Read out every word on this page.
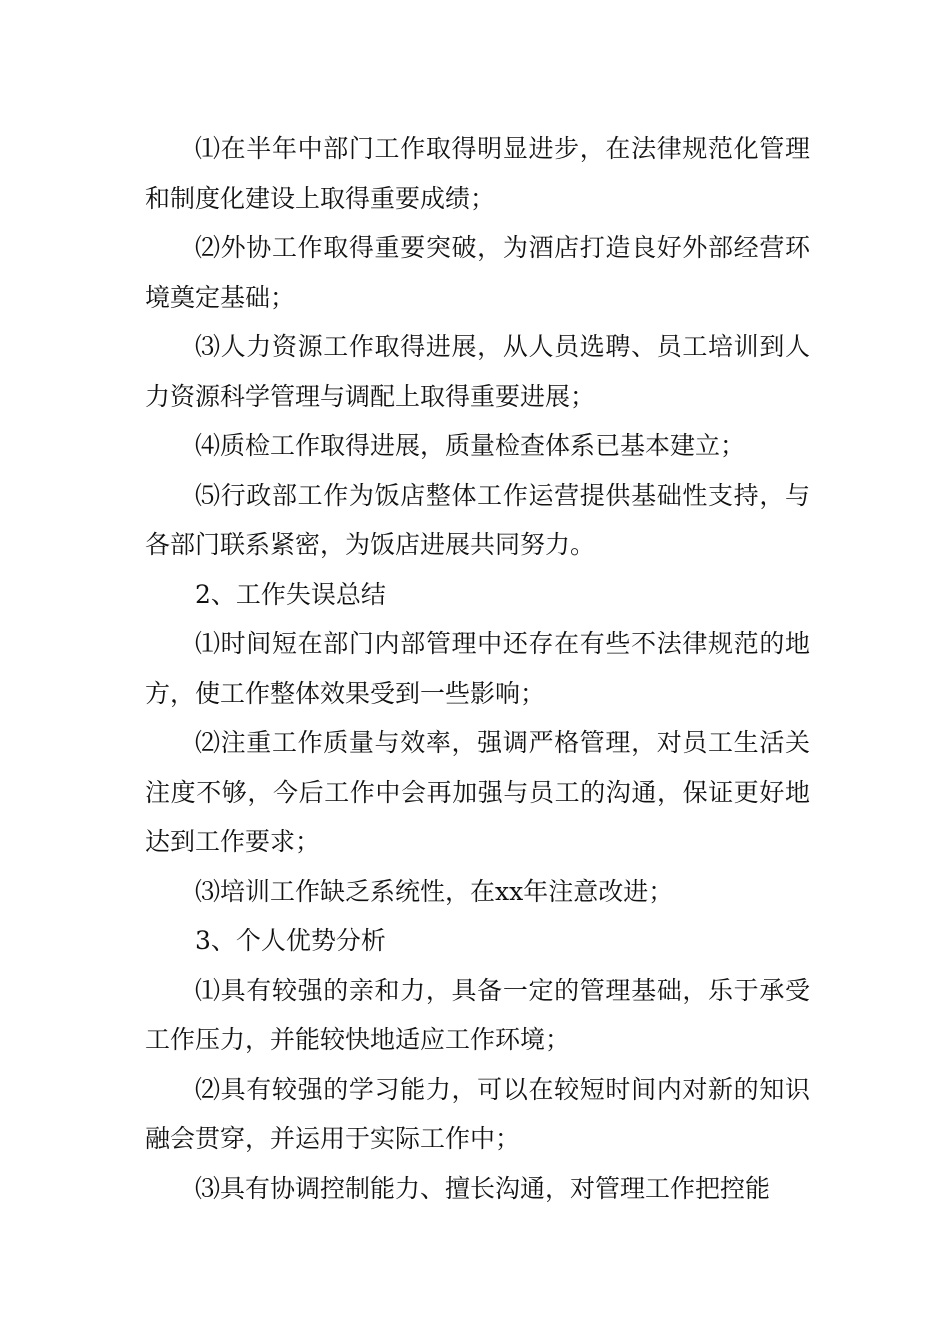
⑴在半年中部门工作取得明显进步，在法律规范化管理和制度化建设上取得重要成绩；

⑵外协工作取得重要突破，为酒店打造良好外部经营环境奠定基础；

⑶人力资源工作取得进展，从人员选聘、员工培训到人力资源科学管理与调配上取得重要进展；

⑷质检工作取得进展，质量检查体系已基本建立；

⑸行政部工作为饭店整体工作运营提供基础性支持，与各部门联系紧密，为饭店进展共同努力。

2、工作失误总结

⑴时间短在部门内部管理中还存在有些不法律规范的地方，使工作整体效果受到一些影响；

⑵注重工作质量与效率，强调严格管理，对员工生活关注度不够，今后工作中会再加强与员工的沟通，保证更好地达到工作要求；

⑶培训工作缺乏系统性，在xx年注意改进；

3、个人优势分析

⑴具有较强的亲和力，具备一定的管理基础，乐于承受工作压力，并能较快地适应工作环境；

⑵具有较强的学习能力，可以在较短时间内对新的知识融会贯穿，并运用于实际工作中；

⑶具有协调控制能力、擅长沟通，对管理工作把控能
